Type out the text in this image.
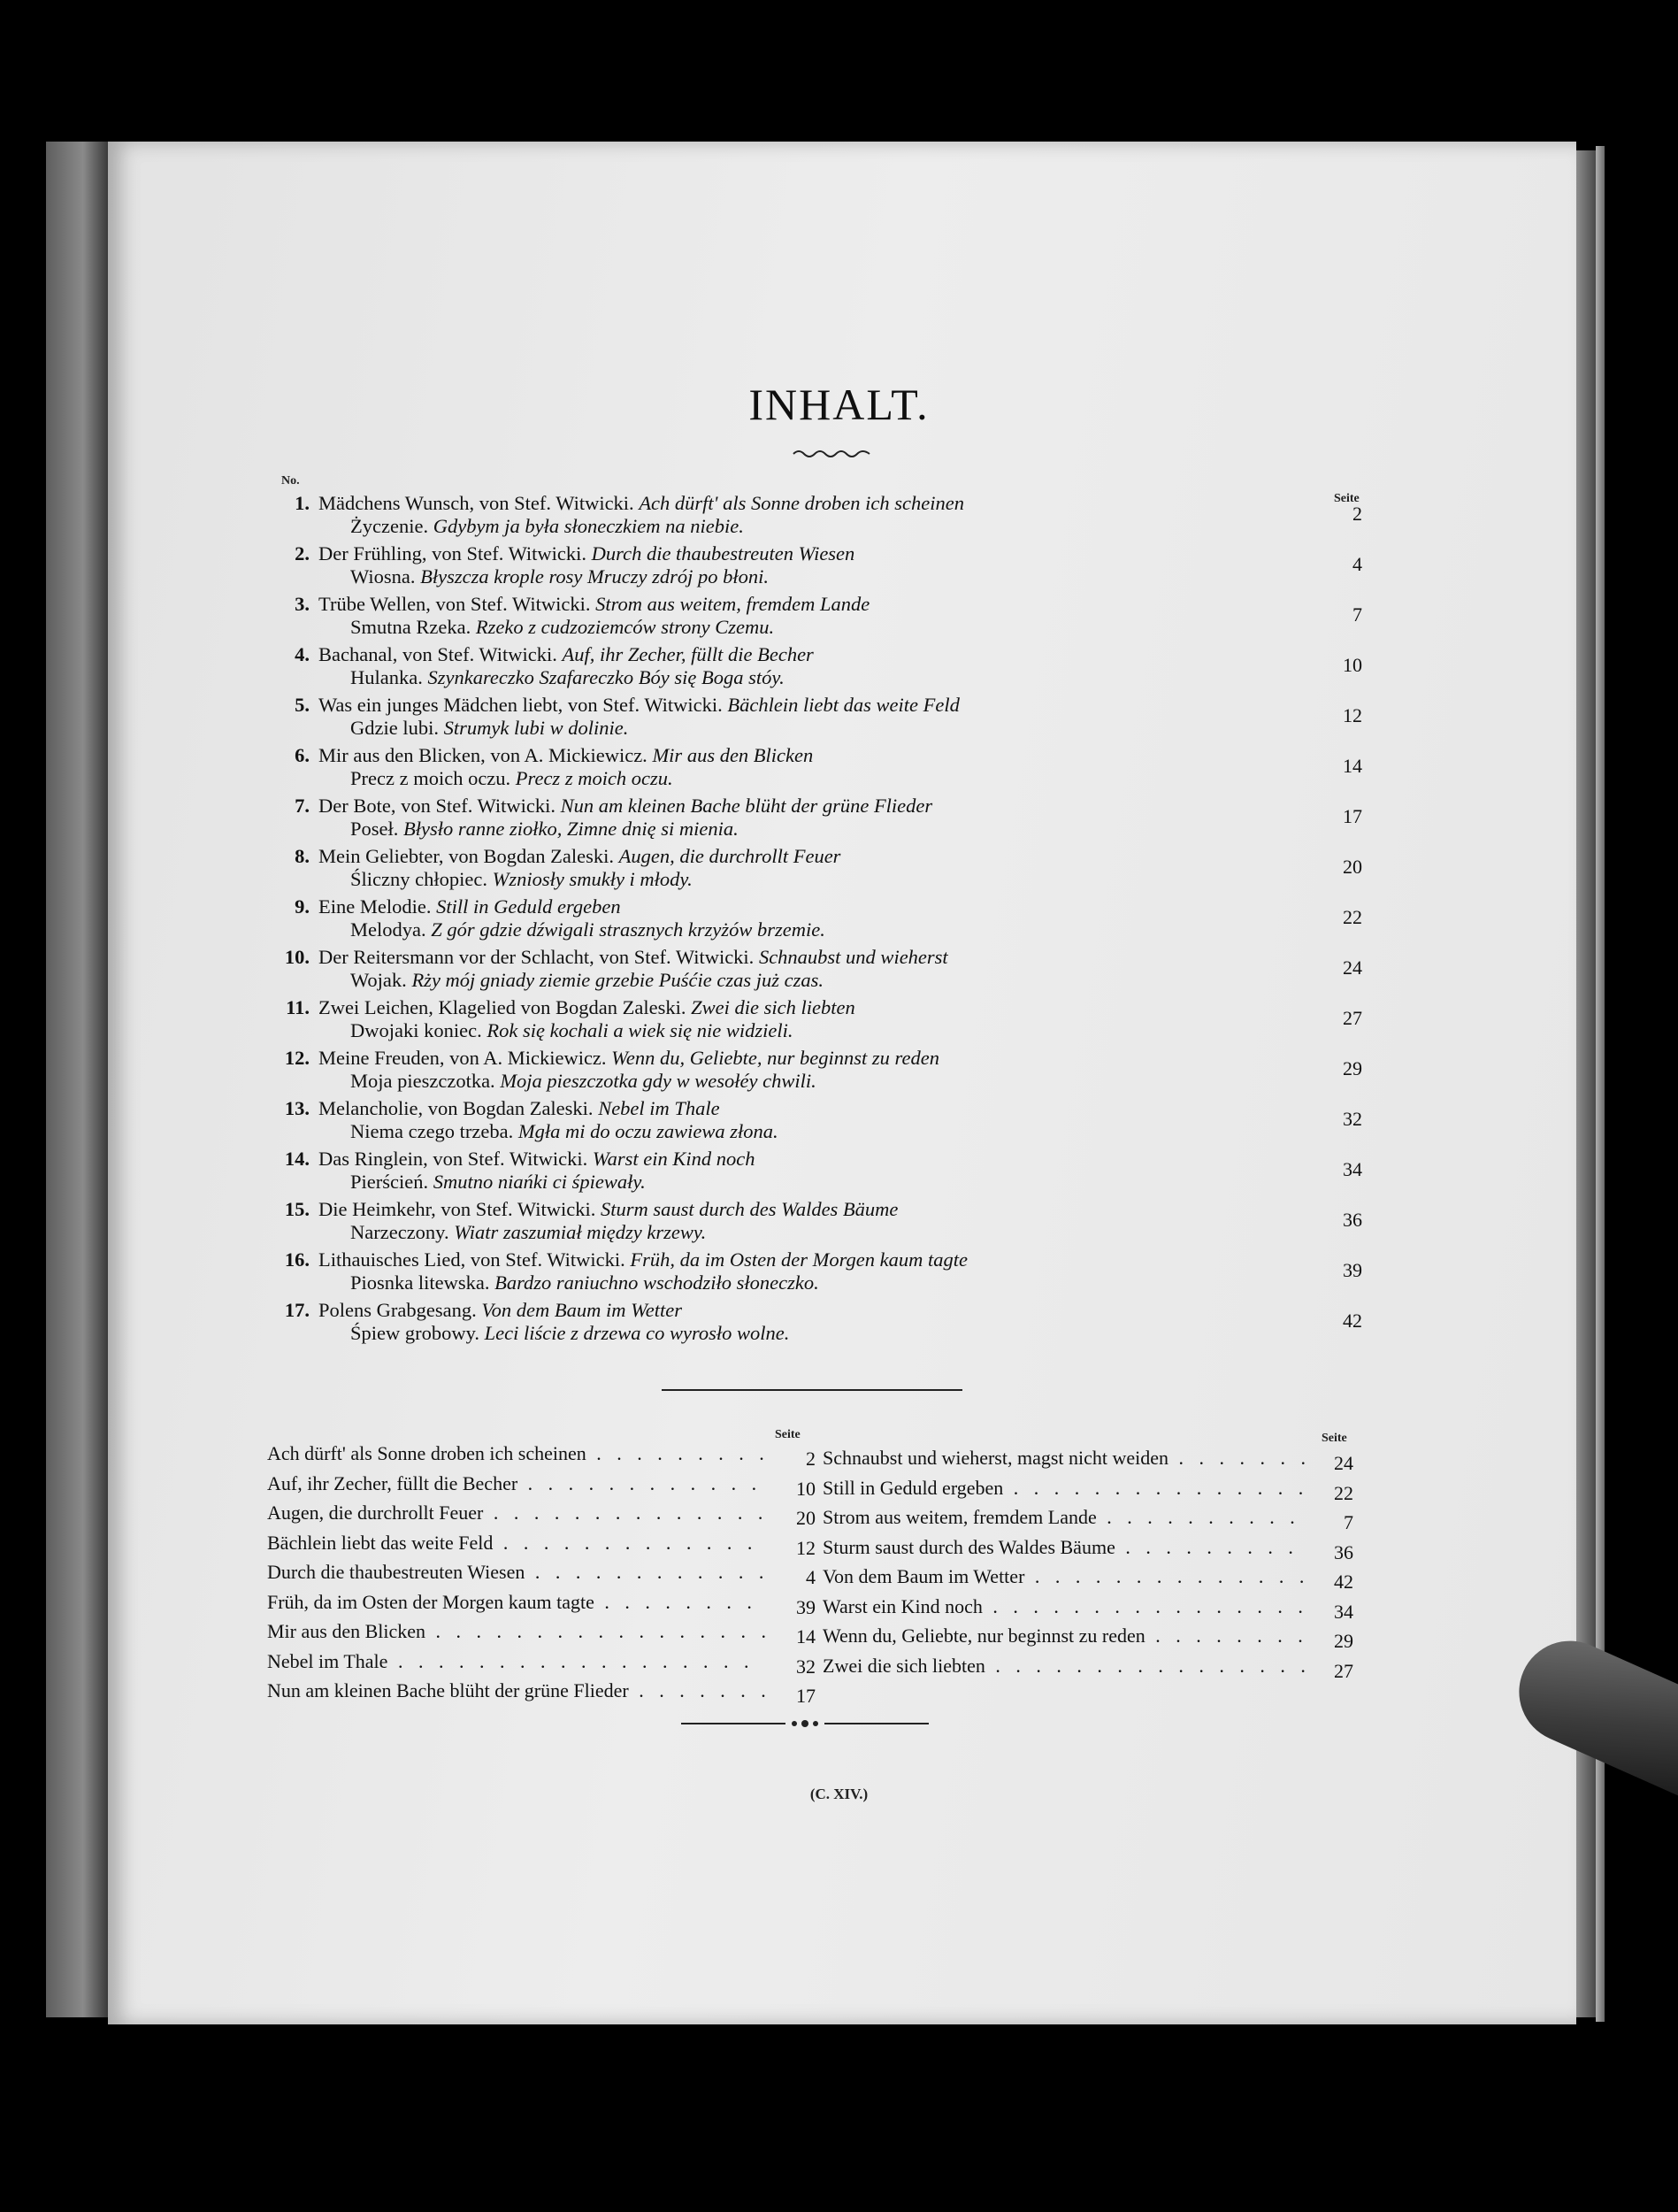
INHALT.
No.
Seite
1. Mädchens Wunsch, von Stef. Witwicki. Ach dürft' als Sonne droben ich scheinen
Życzenie. Gdybym ja była słoneczkiem na niebie.
2
2. Der Frühling, von Stef. Witwicki. Durch die thaubestreuten Wiesen
Wiosna. Błyszcza krople rosy Mruczy zdrój po błoni.
4
3. Trübe Wellen, von Stef. Witwicki. Strom aus weitem, fremdem Lande
Smutna Rzeka. Rzeko z cudzoziemców strony Czemu.
7
4. Bachanal, von Stef. Witwicki. Auf, ihr Zecher, füllt die Becher
Hulanka. Szynkareczko Szafareczko Bóy się Boga stóy.
10
5. Was ein junges Mädchen liebt, von Stef. Witwicki. Bächlein liebt das weite Feld
Gdzie lubi. Strumyk lubi w dolinie.
12
6. Mir aus den Blicken, von A. Mickiewicz. Mir aus den Blicken
Precz z moich oczu. Precz z moich oczu.
14
7. Der Bote, von Stef. Witwicki. Nun am kleinen Bache blüht der grüne Flieder
Poseł. Błysło ranne ziołko, Zimne dnię si mienia.
17
8. Mein Geliebter, von Bogdan Zaleski. Augen, die durchrollt Feuer
Śliczny chłopiec. Wzniosły smukły i młody.
20
9. Eine Melodie. Still in Geduld ergeben
Melodya. Z gór gdzie dźwigali strasznych krzyżów brzemie.
22
10. Der Reitersmann vor der Schlacht, von Stef. Witwicki. Schnaubst und wieherst
Wojak. Rży mój gniady ziemie grzebie Puśćie czas już czas.
24
11. Zwei Leichen, Klagelied von Bogdan Zaleski. Zwei die sich liebten
Dwojaki koniec. Rok się kochali a wiek się nie widzieli.
27
12. Meine Freuden, von A. Mickiewicz. Wenn du, Geliebte, nur beginnst zu reden
Moja pieszczotka. Moja pieszczotka gdy w wesołéy chwili.
29
13. Melancholie, von Bogdan Zaleski. Nebel im Thale
Niema czego trzeba. Mgła mi do oczu zawiewa złona.
32
14. Das Ringlein, von Stef. Witwicki. Warst ein Kind noch
Pierścień. Smutno niańki ci śpiewały.
34
15. Die Heimkehr, von Stef. Witwicki. Sturm saust durch des Waldes Bäume
Narzeczony. Wiatr zaszumiał między krzewy.
36
16. Lithauisches Lied, von Stef. Witwicki. Früh, da im Osten der Morgen kaum tagte
Piosnka litewska. Bardzo raniuchno wschodziło słoneczko.
39
17. Polens Grabgesang. Von dem Baum im Wetter
Śpiew grobowy. Leci liście z drzewa co wyrosło wolne.
42
Seite	Seite
Ach dürft' als Sonne droben ich scheinen . . . . . . . . .	2
Auf, ihr Zecher, füllt die Becher . . . . . . . . . . . .	10
Augen, die durchrollt Feuer . . . . . . . . . . . . . .	20
Bächlein liebt das weite Feld . . . . . . . . . . . . .	12
Durch die thaubestreuten Wiesen . . . . . . . . . . . .	4
Früh, da im Osten der Morgen kaum tagte . . . . . . . .	39
Mir aus den Blicken . . . . . . . . . . . . . . . . .	14
Nebel im Thale . . . . . . . . . . . . . . . . . .	32
Nun am kleinen Bache blüht der grüne Flieder . . . . . . .	17
Schnaubst und wieherst, magst nicht weiden . . . . . . .	24
Still in Geduld ergeben . . . . . . . . . . . . . . .	22
Strom aus weitem, fremdem Lande . . . . . . . . . .	7
Sturm saust durch des Waldes Bäume . . . . . . . . .	36
Von dem Baum im Wetter . . . . . . . . . . . . . .	42
Warst ein Kind noch . . . . . . . . . . . . . . . .	34
Wenn du, Geliebte, nur beginnst zu reden . . . . . . . .	29
Zwei die sich liebten . . . . . . . . . . . . . . . .	27
(C. XIV.)
